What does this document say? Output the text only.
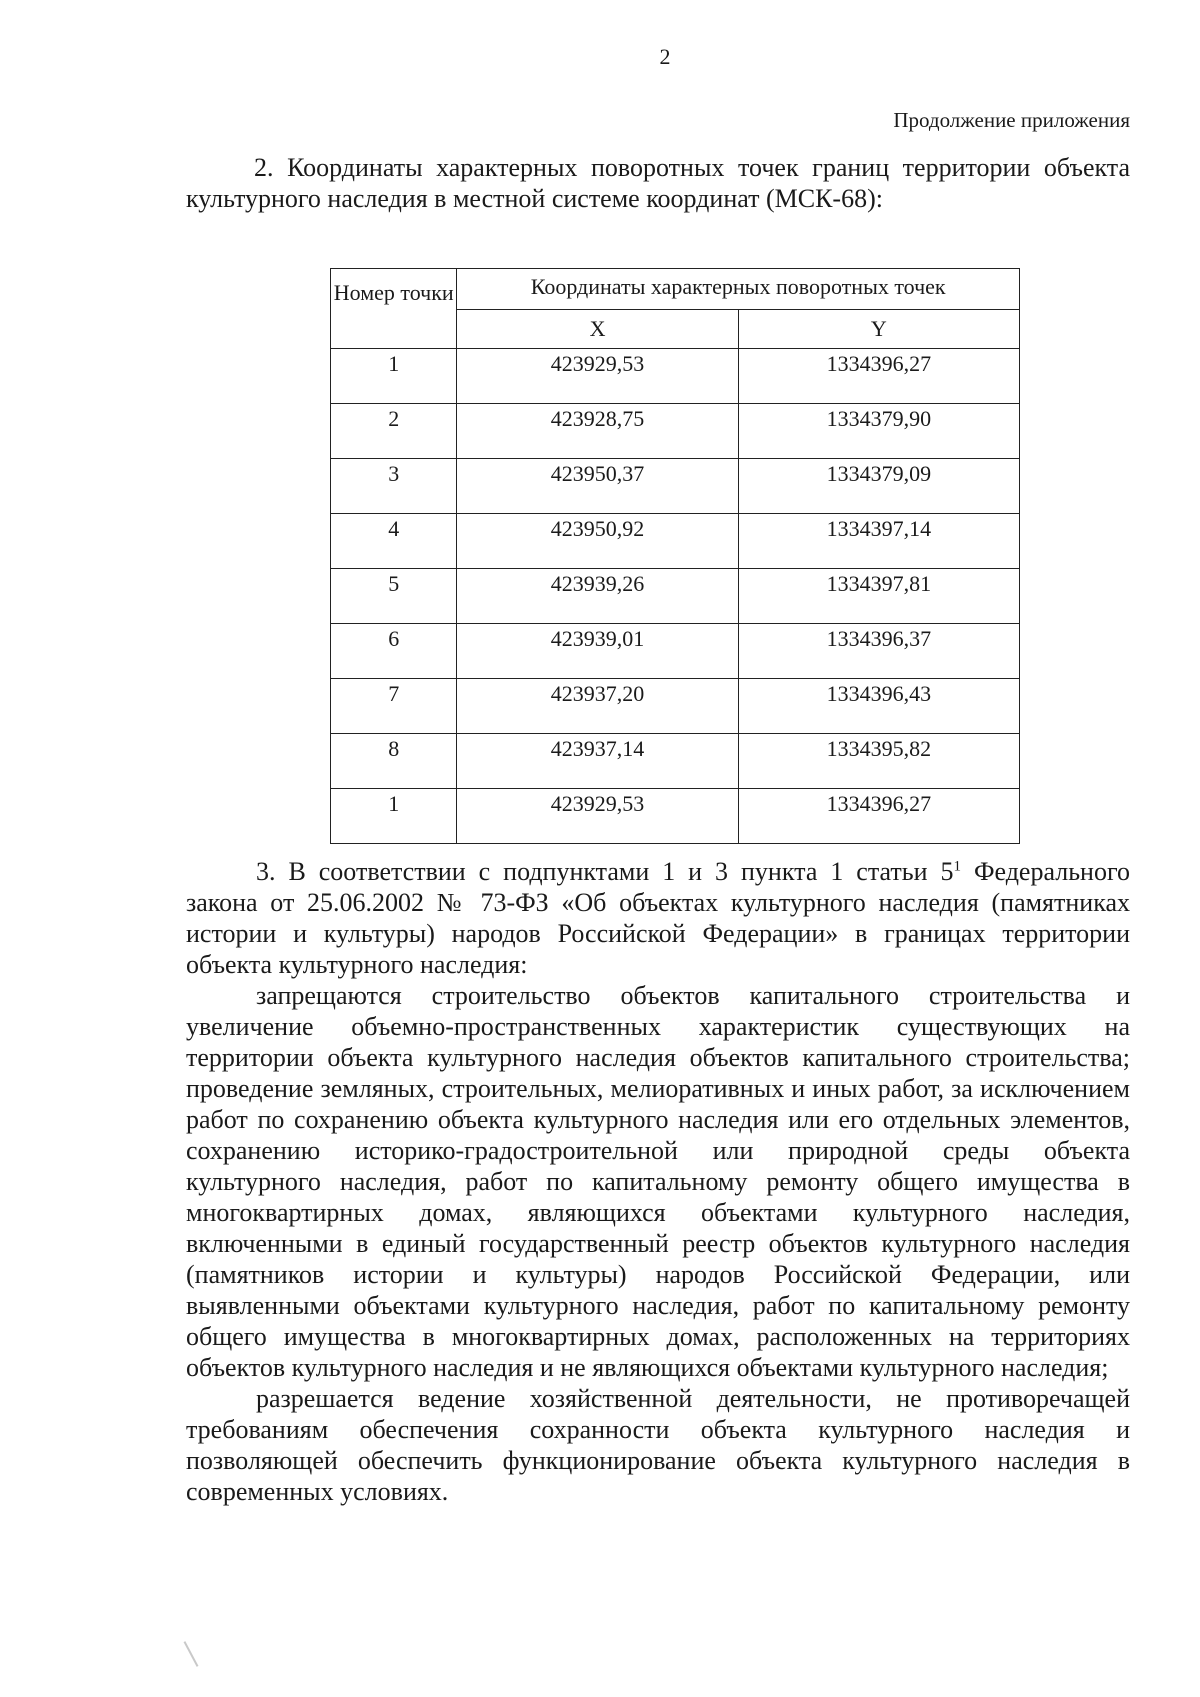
2
Продолжение приложения

2. Координаты характерных поворотных точек границ территории объекта культурного наследия в местной системе координат (МСК-68):

Номер точки	Координаты характерных поворотных точек	
	X	Y
1	423929,53	1334396,27
2	423928,75	1334379,90
3	423950,37	1334379,09
4	423950,92	1334397,14
5	423939,26	1334397,81
6	423939,01	1334396,37
7	423937,20	1334396,43
8	423937,14	1334395,82
1	423929,53	1334396,27

3. В соответствии с подпунктами 1 и 3 пункта 1 статьи $5^1$ Федерального закона от 25.06.2002 № 73-ФЗ «Об объектах культурного наследия (памятниках истории и культуры) народов Российской Федерации» в границах территории объекта культурного наследия:

запрещаются строительство объектов капитального строительства и увеличение объемно-пространственных характеристик существующих на территории объекта культурного наследия объектов капитального строительства; проведение земляных, строительных, мелиоративных и иных работ, за исключением работ по сохранению объекта культурного наследия или его отдельных элементов, сохранению историко-градостроительной или природной среды объекта культурного наследия, работ по капитальному ремонту общего имущества в многоквартирных домах, являющихся объектами культурного наследия, включенными в единый государственный реестр объектов культурного наследия (памятников истории и культуры) народов Российской Федерации, или выявленными объектами культурного наследия, работ по капитальному ремонту общего имущества в многоквартирных домах, расположенных на территориях объектов культурного наследия и не являющихся объектами культурного наследия;

разрешается ведение хозяйственной деятельности, не противоречащей требованиям обеспечения сохранности объекта культурного наследия и позволяющей обеспечить функционирование объекта культурного наследия в современных условиях.
